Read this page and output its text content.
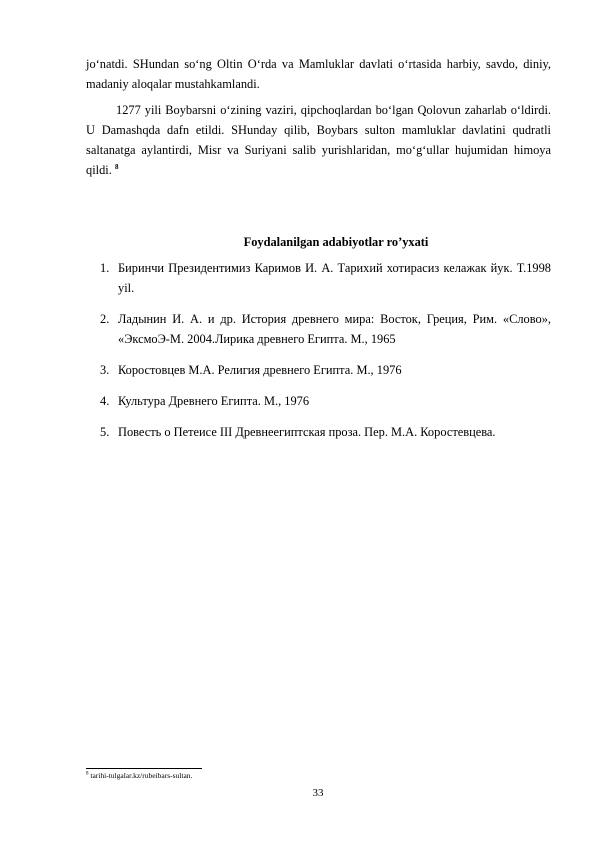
jo‘natdi. SHundan so‘ng Oltin O‘rda va Mamluklar davlati o‘rtasida harbiy, savdo, diniy, madaniy aloqalar mustahkamlandi.
1277 yili Boybarsni o‘zining vaziri, qipchoqlardan bo‘lgan Qolovun zaharlab o‘ldirdi. U Damashqda dafn etildi. SHunday qilib, Boybars sulton mamluklar davlatini qudratli saltanatga aylantirdi, Misr va Suriyani salib yurishlaridan, mo‘g‘ullar hujumidan himoya qildi. $^8$
Foydalanilgan adabiyotlar ro’yxati
1. Биринчи Президентимиз Каримов И. А. Тарихий хотирасиз келажак йук. Т.1998 yil.
2. Ладынин И. А. и др. История древнего мира: Восток, Греция, Рим. «Слово», «ЭксмоЭ-М. 2004.Лирика древнего Египта. М., 1965
3. Коростовцев М.А. Религия древнего Египта. М., 1976
4. Культура Древнего Египта. М., 1976
5. Повесть о Петеисе III Древнеегиптская проза. Пер. М.А. Коростевцева.
$^8$ tarihi-tulgalar.kz/rubeibars-sultan.
33
